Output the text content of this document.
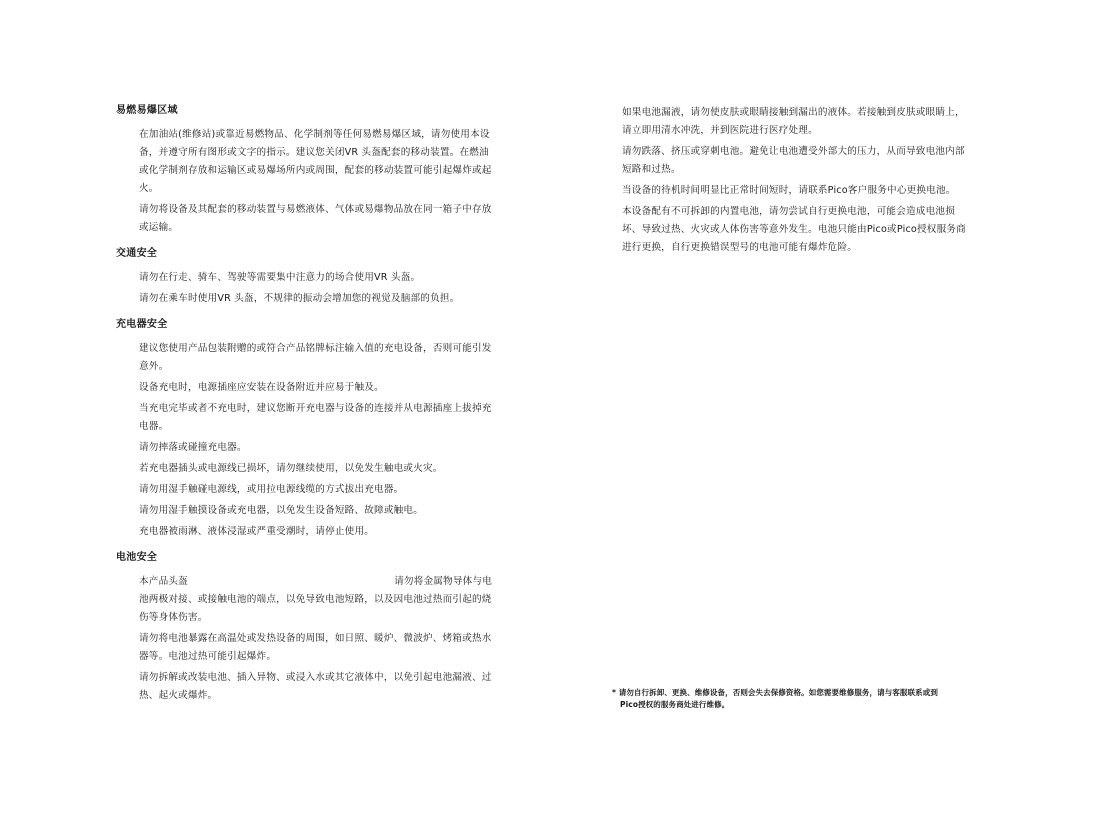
易燃易爆区域
在加油站(维修站)或靠近易燃物品、化学制剂等任何易燃易爆区域，请勿使用本设备，并遵守所有图形或文字的指示。建议您关闭VR 头盔配套的移动装置。在燃油或化学制剂存放和运输区或易爆场所内或周围，配套的移动装置可能引起爆炸或起火。
请勿将设备及其配套的移动装置与易燃液体、气体或易爆物品放在同一箱子中存放或运输。
交通安全
请勿在行走、骑车、驾驶等需要集中注意力的场合使用VR 头盔。
请勿在乘车时使用VR 头盔，不规律的振动会增加您的视觉及脑部的负担。
充电器安全
建议您使用产品包装附赠的或符合产品铭牌标注输入值的充电设备，否则可能引发意外。
设备充电时，电源插座应安装在设备附近并应易于触及。
当充电完毕或者不充电时，建议您断开充电器与设备的连接并从电源插座上拔掉充电器。
请勿摔落或碰撞充电器。
若充电器插头或电源线已损坏，请勿继续使用，以免发生触电或火灾。
请勿用湿手触碰电源线，或用拉电源线缆的方式拔出充电器。
请勿用湿手触摸设备或充电器，以免发生设备短路、故障或触电。
充电器被雨淋、液体浸湿或严重受潮时，请停止使用。
电池安全
本产品头盔	请勿将金属物导体与电
池两极对接、或接触电池的端点，以免导致电池短路，以及因电池过热而引起的烧伤等身体伤害。
请勿将电池暴露在高温处或发热设备的周围，如日照、暖炉、微波炉、烤箱或热水器等。电池过热可能引起爆炸。
请勿拆解或改装电池、插入异物、或浸入水或其它液体中，以免引起电池漏液、过热、起火或爆炸。
如果电池漏液，请勿使皮肤或眼睛接触到漏出的液体。若接触到皮肤或眼睛上，请立即用清水冲洗，并到医院进行医疗处理。
请勿跌落、挤压或穿刺电池。避免让电池遭受外部大的压力，从而导致电池内部短路和过热。
当设备的待机时间明显比正常时间短时，请联系Pico客户服务中心更换电池。
本设备配有不可拆卸的内置电池，请勿尝试自行更换电池，可能会造成电池损坏、导致过热、火灾或人体伤害等意外发生。电池只能由Pico或Pico授权服务商进行更换，自行更换错误型号的电池可能有爆炸危险。
* 请勿自行拆卸、更换、维修设备，否则会失去保修资格。如您需要维修服务，请与客服联系或到
Pico授权的服务商处进行维修。
